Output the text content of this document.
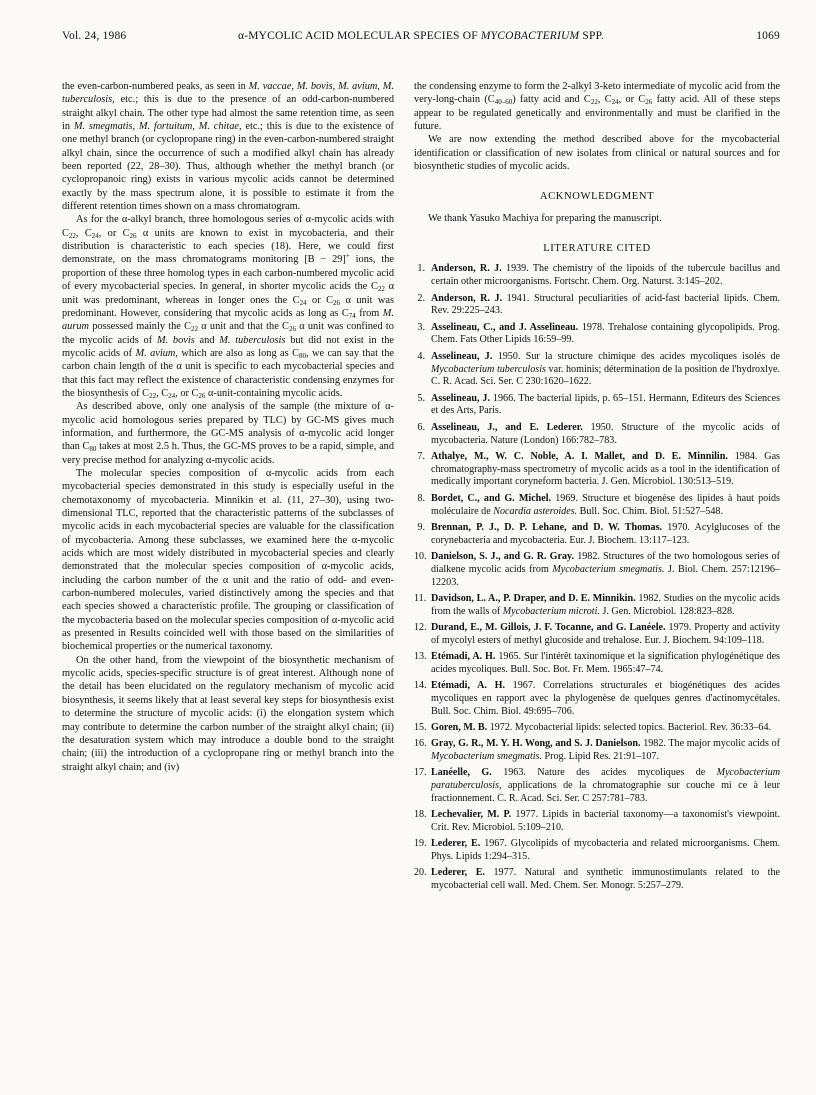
Vol. 24, 1986	α-MYCOLIC ACID MOLECULAR SPECIES OF MYCOBACTERIUM SPP.	1069

the even-carbon-numbered peaks, as seen in M. vaccae, M. bovis, M. avium, M. tuberculosis, etc.; this is due to the presence of an odd-carbon-numbered straight alkyl chain. The other type had almost the same retention time, as seen in M. smegmatis, M. fortuitum, M. chitae, etc.; this is due to the existence of one methyl branch (or cyclopropane ring) in the even-carbon-numbered straight alkyl chain, since the occurrence of such a modified alkyl chain has already been reported (22, 28–30). Thus, although whether the methyl branch (or cyclopropanoic ring) exists in various mycolic acids cannot be determined exactly by the mass spectrum alone, it is possible to estimate it from the different retention times shown on a mass chromatogram.

As for the α-alkyl branch, three homologous series of α-mycolic acids with $C_{22}$, $C_{24}$, or $C_{26}$ α units are known to exist in mycobacteria, and their distribution is characteristic to each species (18). Here, we could first demonstrate, on the mass chromatograms monitoring [B − 29]+ ions, the proportion of these three homolog types in each carbon-numbered mycolic acid of every mycobacterial species. In general, in shorter mycolic acids the $C_{22}$ α unit was predominant, whereas in longer ones the $C_{24}$ or $C_{26}$ α unit was predominant. However, considering that mycolic acids as long as $C_{74}$ from M. aurum possessed mainly the $C_{22}$ α unit and that the $C_{26}$ α unit was confined to the mycolic acids of M. bovis and M. tuberculosis but did not exist in the mycolic acids of M. avium, which are also as long as $C_{80}$, we can say that the carbon chain length of the α unit is specific to each mycobacterial species and that this fact may reflect the existence of characteristic condensing enzymes for the biosynthesis of $C_{22}$, $C_{24}$, or $C_{26}$ α-unit-containing mycolic acids.

As described above, only one analysis of the sample (the mixture of α-mycolic acid homologous series prepared by TLC) by GC-MS gives much information, and furthermore, the GC-MS analysis of α-mycolic acid longer than $C_{80}$ takes at most 2.5 h. Thus, the GC-MS proves to be a rapid, simple, and very precise method for analyzing α-mycolic acids.

The molecular species composition of α-mycolic acids from each mycobacterial species demonstrated in this study is especially useful in the chemotaxonomy of mycobacteria. Minnikin et al. (11, 27–30), using two-dimensional TLC, reported that the characteristic patterns of the subclasses of mycolic acids in each mycobacterial species are valuable for the classification of mycobacteria. Among these subclasses, we examined here the α-mycolic acids which are most widely distributed in mycobacterial species and clearly demonstrated that the molecular species composition of α-mycolic acids, including the carbon number of the α unit and the ratio of odd- and even-carbon-numbered molecules, varied distinctively among the species and that each species showed a characteristic profile. The grouping or classification of the mycobacteria based on the molecular species composition of α-mycolic acid as presented in Results coincided well with those based on the similarities of biochemical properties or the numerical taxonomy.

On the other hand, from the viewpoint of the biosynthetic mechanism of mycolic acids, species-specific structure is of great interest. Although none of the detail has been elucidated on the regulatory mechanism of mycolic acid biosynthesis, it seems likely that at least several key steps for biosynthesis exist to determine the structure of mycolic acids: (i) the elongation system which may contribute to determine the carbon number of the straight alkyl chain; (ii) the desaturation system which may introduce a double bond to the straight chain; (iii) the introduction of a cyclopropane ring or methyl branch into the straight alkyl chain; and (iv)

the condensing enzyme to form the 2-alkyl 3-keto intermediate of mycolic acid from the very-long-chain $(C_{40-60})$ fatty acid and $C_{22}$, $C_{24}$, or $C_{26}$ fatty acid. All of these steps appear to be regulated genetically and environmentally and must be clarified in the future.

We are now extending the method described above for the mycobacterial identification or classification of new isolates from clinical or natural sources and for biosynthetic studies of mycolic acids.

ACKNOWLEDGMENT

We thank Yasuko Machiya for preparing the manuscript.

LITERATURE CITED
1. Anderson, R. J. 1939. The chemistry of the lipoids of the tubercule bacillus and certain other microorganisms. Fortschr. Chem. Org. Naturst. 3:145–202.
2. Anderson, R. J. 1941. Structural peculiarities of acid-fast bacterial lipids. Chem. Rev. 29:225–243.
3. Asselineau, C., and J. Asselineau. 1978. Trehalose containing glycopolipids. Prog. Chem. Fats Other Lipids 16:59–99.
4. Asselineau, J. 1950. Sur la structure chimique des acides mycoliques isolés de Mycobacterium tuberculosis var. hominis; détermination de la position de l'hydroxlye. C. R. Acad. Sci. Ser. C 230:1620–1622.
5. Asselineau, J. 1966. The bacterial lipids, p. 65–151. Hermann, Editeurs des Sciences et des Arts, Paris.
6. Asselineau, J., and E. Lederer. 1950. Structure of the mycolic acids of mycobacteria. Nature (London) 166:782–783.
7. Athalye, M., W. C. Noble, A. I. Mallet, and D. E. Minnilin. 1984. Gas chromatography-mass spectrometry of mycolic acids as a tool in the identification of medically important coryneform bacteria. J. Gen. Microbiol. 130:513–519.
8. Bordet, C., and G. Michel. 1969. Structure et biogenèse des lipides à haut poids moléculaire de Nocardia asteroides. Bull. Soc. Chim. Biol. 51:527–548.
9. Brennan, P. J., D. P. Lehane, and D. W. Thomas. 1970. Acylglucoses of the corynebacteria and mycobacteria. Eur. J. Biochem. 13:117–123.
10. Danielson, S. J., and G. R. Gray. 1982. Structures of the two homologous series of dialkene mycolic acids from Mycobacterium smegmatis. J. Biol. Chem. 257:12196–12203.
11. Davidson, L. A., P. Draper, and D. E. Minnikin. 1982. Studies on the mycolic acids from the walls of Mycobacterium microti. J. Gen. Microbiol. 128:823–828.
12. Durand, E., M. Gillois, J. F. Tocanne, and G. Lanéele. 1979. Property and activity of mycolyl esters of methyl glucoside and trehalose. Eur. J. Biochem. 94:109–118.
13. Etémadi, A. H. 1965. Sur l'intérêt taxinomique et la signification phylogénétique des acides mycoliques. Bull. Soc. Bot. Fr. Mem. 1965:47–74.
14. Etémadi, A. H. 1967. Correlations structurales et biogénétiques des acides mycoliques en rapport avec la phylogenèse de quelques genres d'actinomycétales. Bull. Soc. Chim. Biol. 49:695–706.
15. Goren, M. B. 1972. Mycobacterial lipids: selected topics. Bacteriol. Rev. 36:33–64.
16. Gray, G. R., M. Y. H. Wong, and S. J. Danielson. 1982. The major mycolic acids of Mycobacterium smegmatis. Prog. Lipid Res. 21:91–107.
17. Lanéelle, G. 1963. Nature des acides mycoliques de Mycobacterium paratuberculosis, applications de la chromatographie sur couche mi ce à leur fractionnement. C. R. Acad. Sci. Ser. C 257:781–783.
18. Lechevalier, M. P. 1977. Lipids in bacterial taxonomy—a taxonomist's viewpoint. Crit. Rev. Microbiol. 5:109–210.
19. Lederer, E. 1967. Glycolipids of mycobacteria and related microorganisms. Chem. Phys. Lipids 1:294–315.
20. Lederer, E. 1977. Natural and synthetic immunostimulants related to the mycobacterial cell wall. Med. Chem. Ser. Monogr. 5:257–279.
